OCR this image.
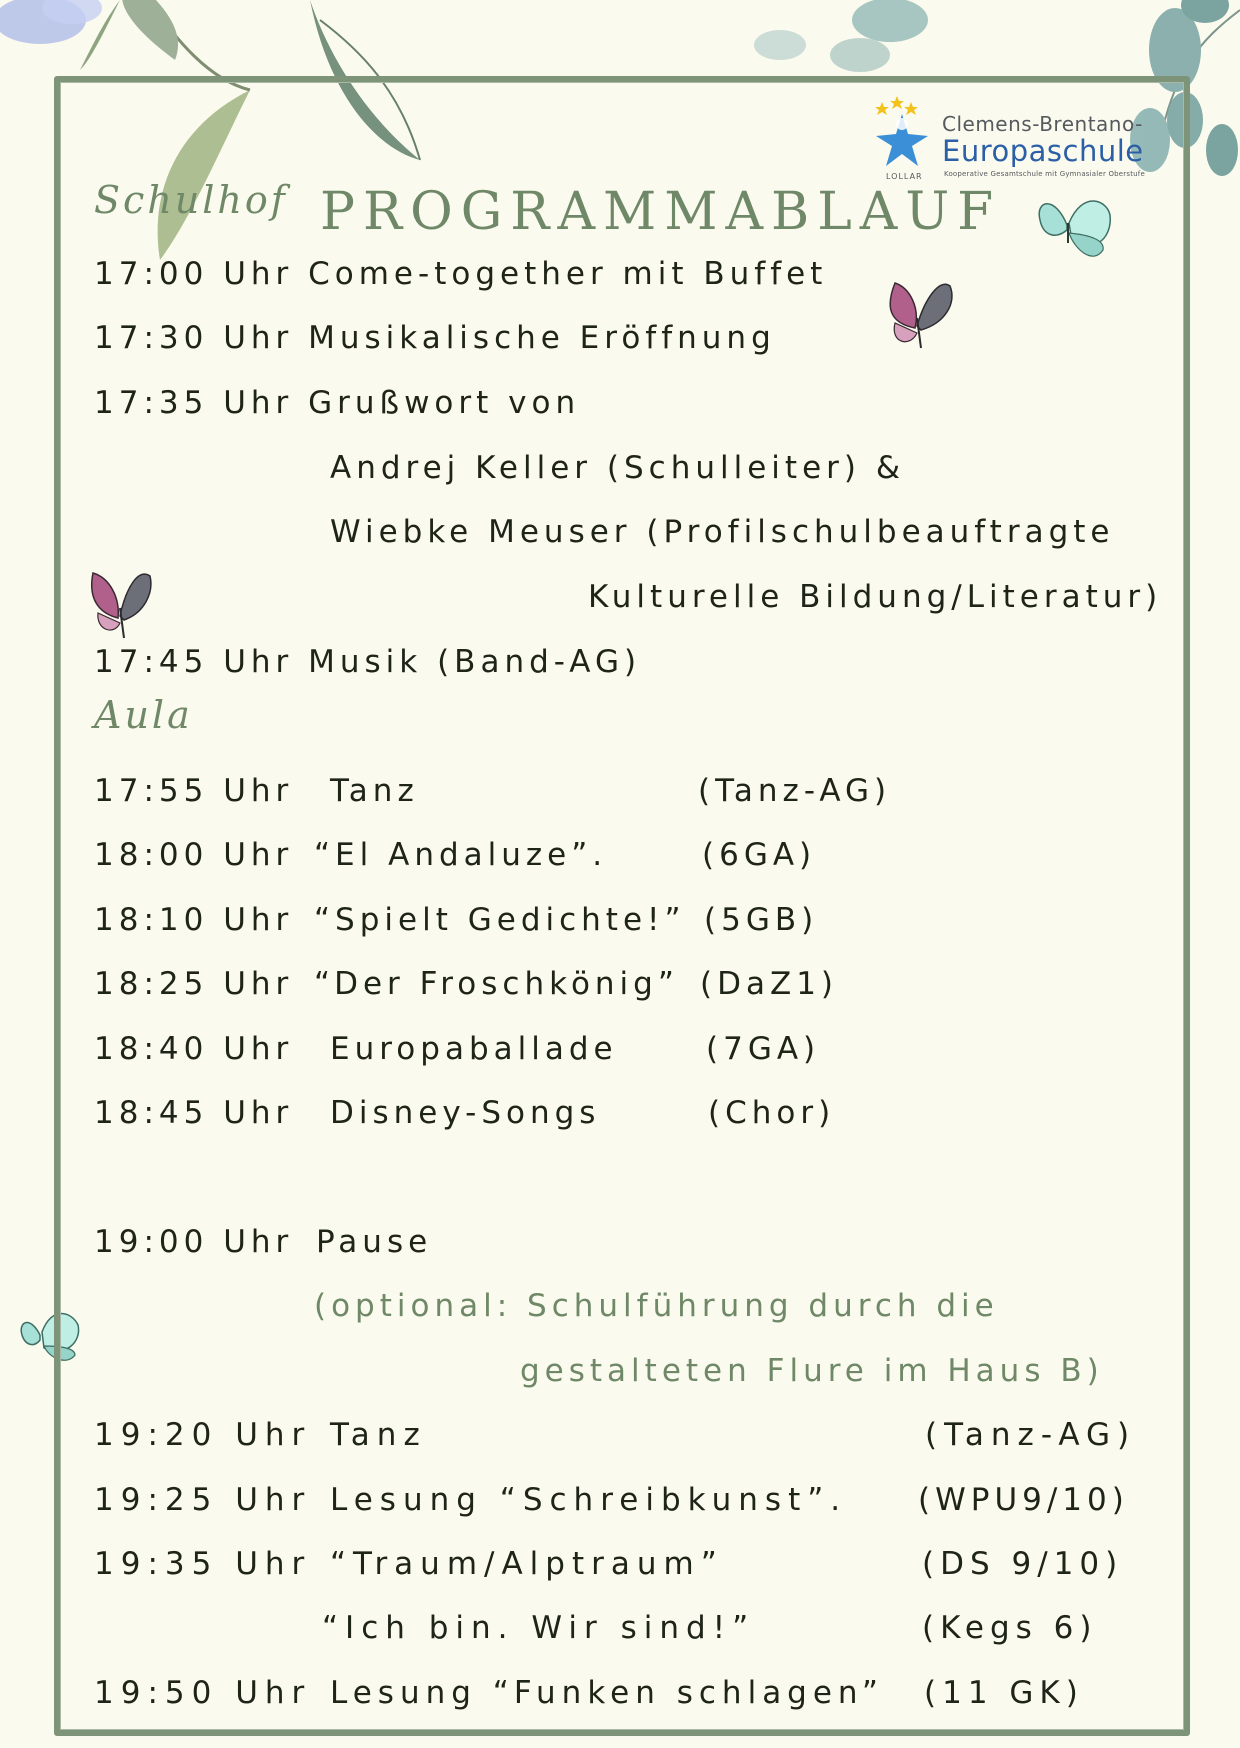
LOLLAR
Clemens-Brentano-
Europaschule
Kooperative Gesamtschule mit Gymnasialer Oberstufe
Schulhof PROGRAMMABLAUF
17:00 Uhr Come-together mit Buffet
17:30 Uhr Musikalische Eröffnung
17:35 Uhr Grußwort von
Andrej Keller (Schulleiter) &
Wiebke Meuser (Profilschulbeauftragte
Kulturelle Bildung/Literatur)
17:45 Uhr Musik (Band-AG)
Aula
17:55 Uhr Tanz	(Tanz-AG)
18:00 Uhr “El Andaluze”.	(6GA)
18:10 Uhr “Spielt Gedichte!” (5GB)
18:25 Uhr “Der Froschkönig” (DaZ1)
18:40 Uhr Europaballade	(7GA)
18:45 Uhr Disney-Songs	(Chor)
19:00 Uhr Pause
(optional: Schulführung durch die
gestalteten Flure im Haus B)
19:20 Uhr Tanz	(Tanz-AG)
19:25 Uhr Lesung “Schreibkunst”. (WPU9/10)
19:35 Uhr “Traum/Alptraum”	(DS 9/10)
“Ich bin. Wir sind!”	(Kegs 6)
19:50 Uhr Lesung “Funken schlagen” (11 GK)
